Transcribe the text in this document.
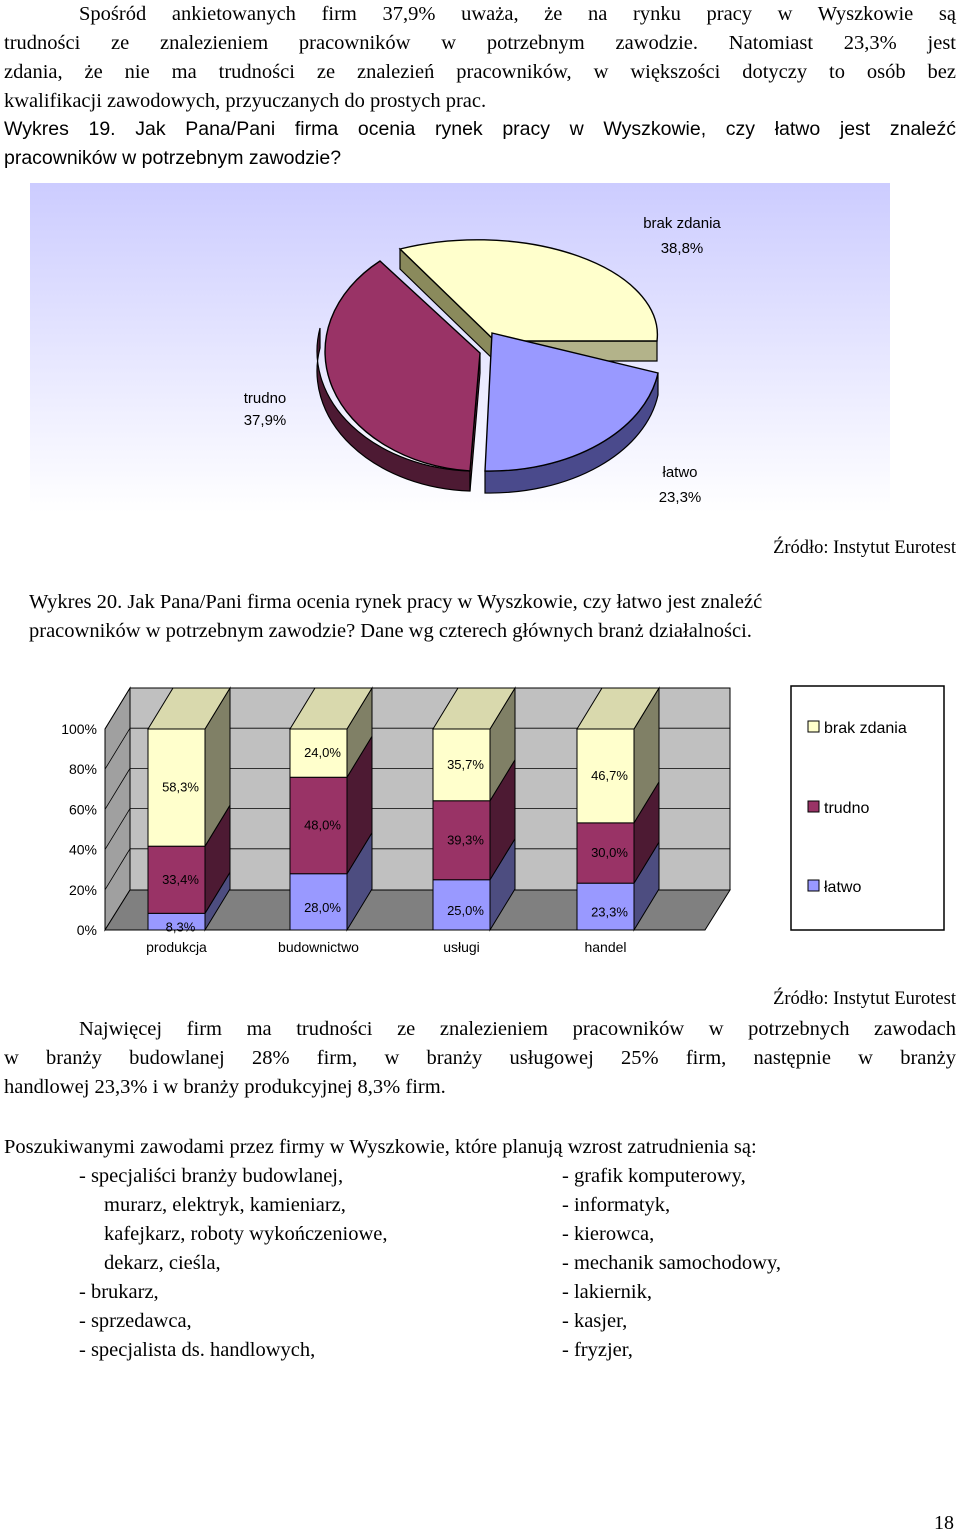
Spośród ankietowanych firm 37,9% uważa, że na rynku pracy w Wyszkowie są
trudności ze znalezieniem pracowników w potrzebnym zawodzie. Natomiast 23,3% jest
zdania, że nie ma trudności ze znalezień pracowników, w większości dotyczy to osób bez
kwalifikacji zawodowych, przyuczanych do prostych prac.
Wykres 19. Jak Pana/Pani firma ocenia rynek pracy w Wyszkowie, czy łatwo jest znaleźć
pracowników w potrzebnym zawodzie?
brak zdania
38,8%
trudno
37,9%
łatwo
23,3%
Źródło: Instytut Eurotest
Wykres 20. Jak Pana/Pani firma ocenia rynek pracy w Wyszkowie, czy łatwo jest znaleźć
pracowników w potrzebnym zawodzie? Dane wg czterech głównych branż działalności.
0%
20%
40%
60%
80%
100%
8,3%
33,4%
58,3%
28,0%
48,0%
24,0%
25,0%
39,3%
35,7%
23,3%
30,0%
46,7%
produkcja	budownictwo	usługi	handel
brak zdania
trudno
łatwo
Źródło: Instytut Eurotest
Najwięcej firm ma trudności ze znalezieniem pracowników w potrzebnych zawodach
w branży budowlanej 28% firm, w branży usługowej 25% firm, następnie w branży
handlowej 23,3% i w branży produkcyjnej 8,3% firm.
Poszukiwanymi zawodami przez firmy w Wyszkowie, które planują wzrost zatrudnienia są:
- specjaliści branży budowlanej,
murarz, elektryk, kamieniarz,
kafejkarz, roboty wykończeniowe,
dekarz, cieśla,
- brukarz,
- sprzedawca,
- specjalista ds. handlowych,
- grafik komputerowy,
- informatyk,
- kierowca,
- mechanik samochodowy,
- lakiernik,
- kasjer,
- fryzjer,
18
